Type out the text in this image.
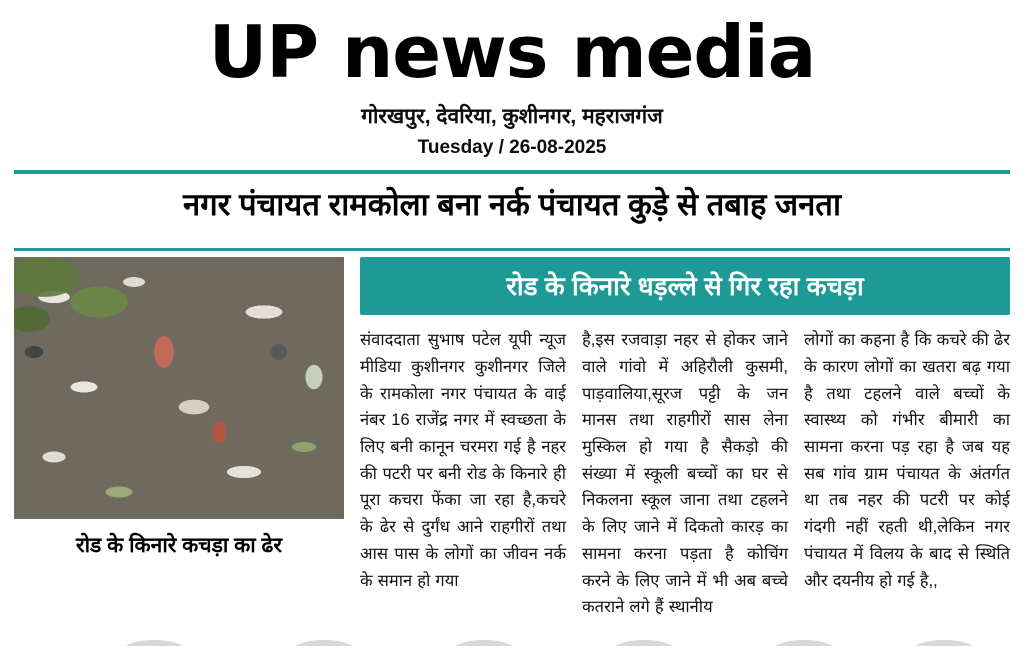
UP news media
गोरखपुर, देवरिया, कुशीनगर, महराजगंज
Tuesday / 26-08-2025
नगर पंचायत रामकोला बना नर्क पंचायत कुड़े से तबाह जनता
रोड के किनारे कचड़ा का ढेर
रोड के किनारे धड़ल्ले से गिर रहा कचड़ा

संवाददाता सुभाष पटेल यूपी न्यूज मीडिया कुशीनगर कुशीनगर जिले के रामकोला नगर पंचायत के वाई नंबर 16 राजेंद्र नगर में स्वच्छता के लिए बनी कानून चरमरा गई है नहर की पटरी पर बनी रोड के किनारे ही पूरा कचरा फेंका जा रहा है,कचरे के ढेर से दुर्गंध आने राहगीरों तथा आस पास के लोगों का जीवन नर्क के समान हो गया

है,इस रजवाड़ा नहर से होकर जाने वाले गांवो में अहिरौली कुसमी, पाड़वालिया,सूरज पट्टी के जन मानस तथा राहगीरों सास लेना मुस्किल हो गया है सैकड़ो की संख्या में स्कूली बच्चों का घर से निकलना स्कूल जाना तथा टहलने के लिए जाने में दिकतो कारड़ का सामना करना पड़ता है कोचिंग करने के लिए जाने में भी अब बच्चे कतराने लगे हैं स्थानीय

लोगों का कहना है कि कचरे की ढेर के कारण लोगों का खतरा बढ़ गया है तथा टहलने वाले बच्चों के स्वास्थ्य को गंभीर बीमारी का सामना करना पड़ रहा है जब यह सब गांव ग्राम पंचायत के अंतर्गत था तब नहर की पटरी पर कोई गंदगी नहीं रहती थी,लेकिन नगर पंचायत में विलय के बाद से स्थिति और दयनीय हो गई है,,
